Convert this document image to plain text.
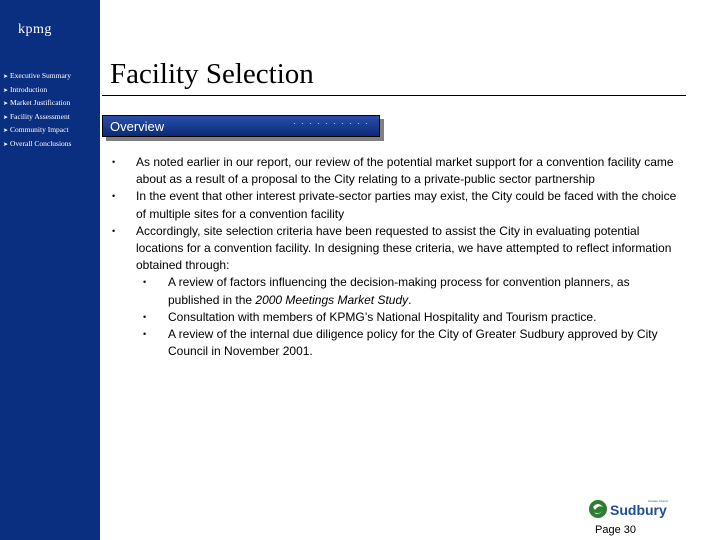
kpmg
➤ Executive Summary
➤ Introduction
➤ Market Justification
➤ Facility Assessment
➤ Community Impact
➤ Overall Conclusions
Facility Selection
Overview	··········
• As noted earlier in our report, our review of the potential market support for a convention facility came about as a result of a proposal to the City relating to a private-public sector partnership
• In the event that other interest private-sector parties may exist, the City could be faced with the choice of multiple sites for a convention facility
• Accordingly, site selection criteria have been requested to assist the City in evaluating potential locations for a convention facility. In designing these criteria, we have attempted to reflect information obtained through:
• A review of factors influencing the decision-making process for convention planners, as published in the 2000 Meetings Market Study.
• Consultation with members of KPMG’s National Hospitality and Tourism practice.
• A review of the internal due diligence policy for the City of Greater Sudbury approved by City Council in November 2001.
Sudbury
Greater·Grand
Page 30
